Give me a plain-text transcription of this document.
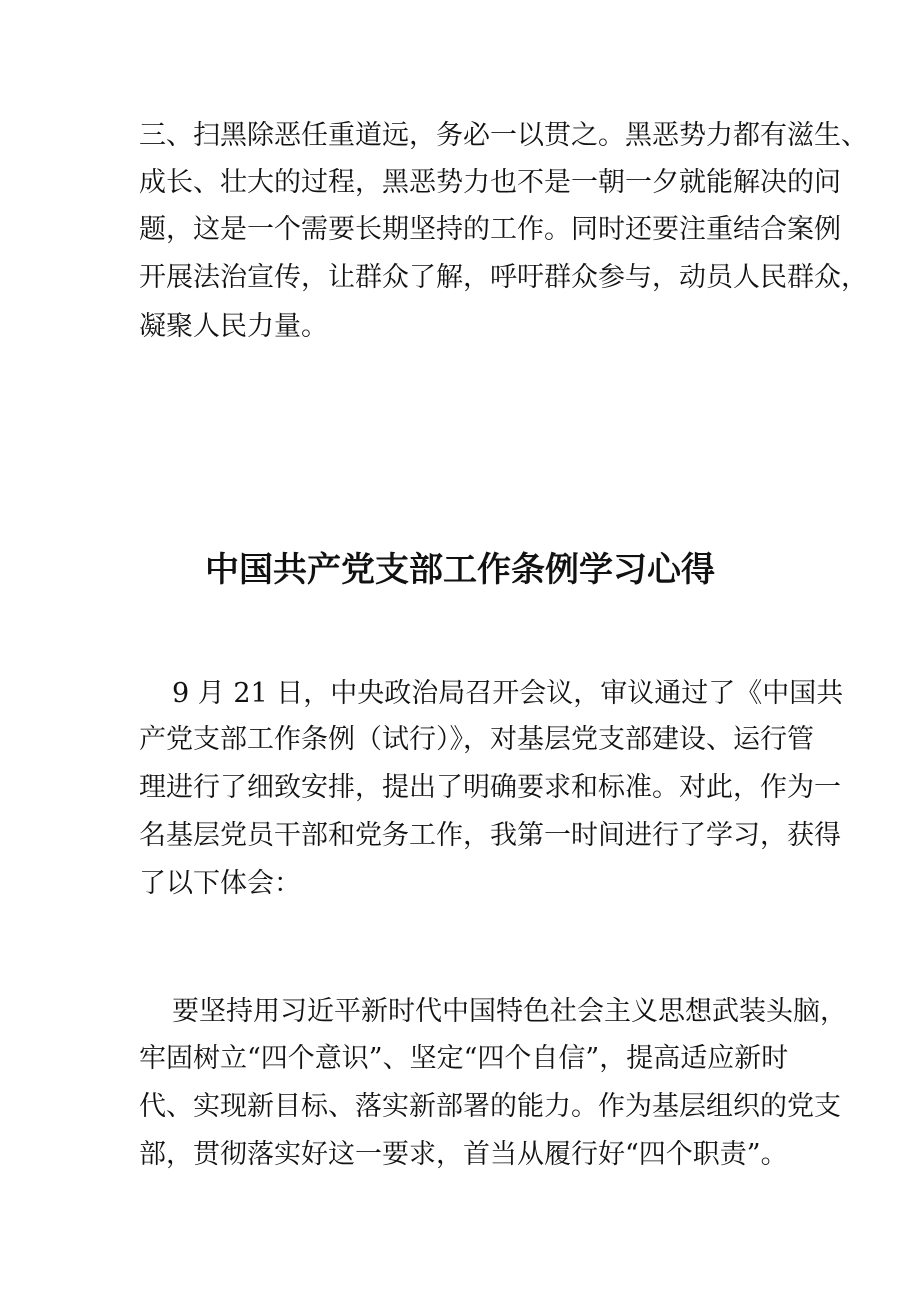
三、扫黑除恶任重道远，务必一以贯之。黑恶势力都有滋生、
成长、壮大的过程，黑恶势力也不是一朝一夕就能解决的问
题，这是一个需要长期坚持的工作。同时还要注重结合案例
开展法治宣传，让群众了解，呼吁群众参与，动员人民群众，
凝聚人民力量。
中国共产党支部工作条例学习心得
9 月 21 日，中央政治局召开会议，审议通过了《中国共
产党支部工作条例（试行）》，对基层党支部建设、运行管
理进行了细致安排，提出了明确要求和标准。对此，作为一
名基层党员干部和党务工作，我第一时间进行了学习，获得
了以下体会：
要坚持用习近平新时代中国特色社会主义思想武装头脑，
牢固树立“四个意识”、坚定“四个自信”，提高适应新时
代、实现新目标、落实新部署的能力。作为基层组织的党支
部，贯彻落实好这一要求，首当从履行好“四个职责”。
